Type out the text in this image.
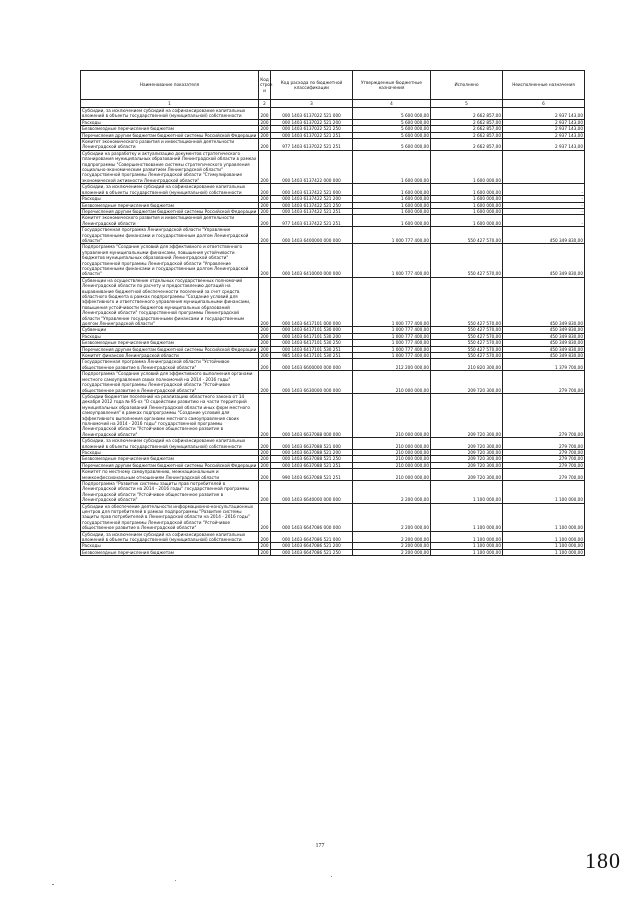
Наименование показателя	Код строк и	Код расхода по бюджетной классификации	Утвержденные бюджетные назначения	Исполнено	Неисполненные назначения
1	2	3	4	5	6
Субсидии, за исключением субсидий на софинансирование капитальных вложений в объекты государственной (муниципальной) собственности	200	000 1403 6137022 521 000	5 600 000,00	2 662 857,00	2 937 143,00
Расходы	200	000 1403 6137022 521 200	5 600 000,00	2 662 857,00	2 937 143,00
Безвозмездные перечисления бюджетам	200	000 1403 6137022 521 250	5 600 000,00	2 662 857,00	2 937 143,00
Перечисления другим бюджетам бюджетной системы Российской Федерации	200	000 1403 6137022 521 251	5 600 000,00	2 662 857,00	2 937 143,00
Комитет экономического развития и инвестиционной деятельности Ленинградской области	200	977 1403 6137022 521 251	5 600 000,00	2 662 857,00	2 937 143,00
Субсидии на разработку и актуализацию документов стратегического планирования муниципальных образований Ленинградской области в рамках подпрограммы "Совершенствование системы стратегического управления социально-экономическим развитием Ленинградской области" государственной программы Ленинградской области "Стимулирование экономической активности Ленинградской области"	200	000 1403 6137422 000 000	1 600 000,00	1 600 000,00	
Субсидии, за исключением субсидий на софинансирование капитальных вложений в объекты государственной (муниципальной) собственности	200	000 1403 6137422 521 000	1 600 000,00	1 600 000,00	-
Расходы	200	000 1403 6137422 521 200	1 600 000,00	1 600 000,00	-
Безвозмездные перечисления бюджетам	200	000 1403 6137422 521 250	1 600 000,00	1 600 000,00	-
Перечисления другим бюджетам бюджетной системы Российской Федерации	200	000 1403 6137422 521 251	1 600 000,00	1 600 000,00	-
Комитет экономического развития и инвестиционной деятельности Ленинградской области	200	977 1403 6137422 521 251	1 600 000,00	1 600 000,00	-
Государственная программа Ленинградской области "Управление государственными финансами и государственным долгом Ленинградской области"	200	000 1403 6400000 000 000	1 000 777 400,00	550 427 570,00	450 349 830,00
Подпрограмма "Создание условий для эффективного и ответственного управления муниципальными финансами, повышения устойчивости бюджетов муниципальных образований Ленинградской области" государственной программы Ленинградской области "Управление государственными финансами и государственным долгом Ленинградской области"	200	000 1403 6410000 000 000	1 000 777 400,00	550 427 570,00	450 349 830,00
Субвенции на осуществление отдельных государственных полномочий Ленинградской области по расчету и предоставлению дотаций на выравнивание бюджетной обеспеченности поселений за счет средств областного бюджета в рамках подпрограммы "Создание условий для эффективного и ответственного управления муниципальными финансами, повышения устойчивости бюджетов муниципальных образований Ленинградской области" государственной программы Ленинградской области "Управление государственными финансами и государственным долгом Ленинградской области"	200	000 1403 6417101 000 000	1 000 777 400,00	550 427 570,00	450 349 830,00
Субвенции	200	000 1403 6417101 530 000	1 000 777 400,00	550 427 570,00	450 349 830,00
Расходы	200	000 1403 6417101 530 200	1 000 777 400,00	550 427 570,00	450 349 830,00
Безвозмездные перечисления бюджетам	200	000 1403 6417101 530 250	1 000 777 400,00	550 427 570,00	450 349 830,00
Перечисления другим бюджетам бюджетной системы Российской Федерации	200	000 1403 6417101 530 251	1 000 777 400,00	550 427 570,00	450 349 830,00
Комитет финансов Ленинградской области	200	985 1403 6417101 530 251	1 000 777 400,00	550 427 570,00	450 349 830,00
Государственная программа Ленинградской области "Устойчивое общественное развитие в Ленинградской области"	200	000 1403 6600000 000 000	212 200 000,00	210 820 300,00	1 379 700,00
Подпрограмма "Создание условий для эффективного выполнения органами местного самоуправления своих полномочий на 2014 - 2016 годы" государственной программы Ленинградской области "Устойчивое общественное развитие в Ленинградской области"	200	000 1403 6630000 000 000	210 000 000,00	209 720 300,00	279 700,00
Субсидии бюджетам поселений на реализацию областного закона от 14 декабря 2012 года № 95-оз "О содействии развитию на части территорий муниципальных образований Ленинградской области иных форм местного самоуправления" в рамках подпрограммы "Создание условий для эффективного выполнения органами местного самоуправления своих полномочий на 2014 - 2016 годы" государственной программы Ленинградской области "Устойчивое общественное развитие в Ленинградской области"	200	000 1403 6637088 000 000	210 000 000,00	209 720 300,00	279 700,00
Субсидии, за исключением субсидий на софинансирование капитальных вложений в объекты государственной (муниципальной) собственности	200	000 1403 6637088 521 000	210 000 000,00	209 720 300,00	279 700,00
Расходы	200	000 1403 6637088 521 200	210 000 000,00	209 720 300,00	279 700,00
Безвозмездные перечисления бюджетам	200	000 1403 6637088 521 250	210 000 000,00	209 720 300,00	279 700,00
Перечисления другим бюджетам бюджетной системы Российской Федерации	200	000 1403 6637088 521 251	210 000 000,00	209 720 300,00	279 700,00
Комитет по местному самоуправлению, межнациональным и межконфессиональным отношениям Ленинградской области	200	990 1403 6637088 521 251	210 000 000,00	209 720 300,00	279 700,00
Подпрограмма "Развитие системы защиты прав потребителей в Ленинградской области на 2014 - 2016 годы" государственной программы Ленинградской области "Устойчивое общественное развитие в Ленинградской области"	200	000 1403 6640000 000 000	2 200 000,00	1 100 000,00	1 100 000,00
Субсидии на обеспечение деятельности информационно-консультационных центров для потребителей в рамках подпрограммы "Развитие системы защиты прав потребителей в Ленинградской области на 2014 - 2016 годы" государственной программы Ленинградской области "Устойчивое общественное развитие в Ленинградской области"	200	000 1403 6647086 000 000	2 200 000,00	1 100 000,00	1 100 000,00
Субсидии, за исключением субсидий на софинансирование капитальных вложений в объекты государственной (муниципальной) собственности	200	000 1403 6647086 521 000	2 200 000,00	1 100 000,00	1 100 000,00
Расходы	200	000 1403 6647086 521 200	2 200 000,00	1 100 000,00	1 100 000,00
Безвозмездные перечисления бюджетам	200	000 1403 6647086 521 250	2 200 000,00	1 100 000,00	1 100 000,00
177
180
